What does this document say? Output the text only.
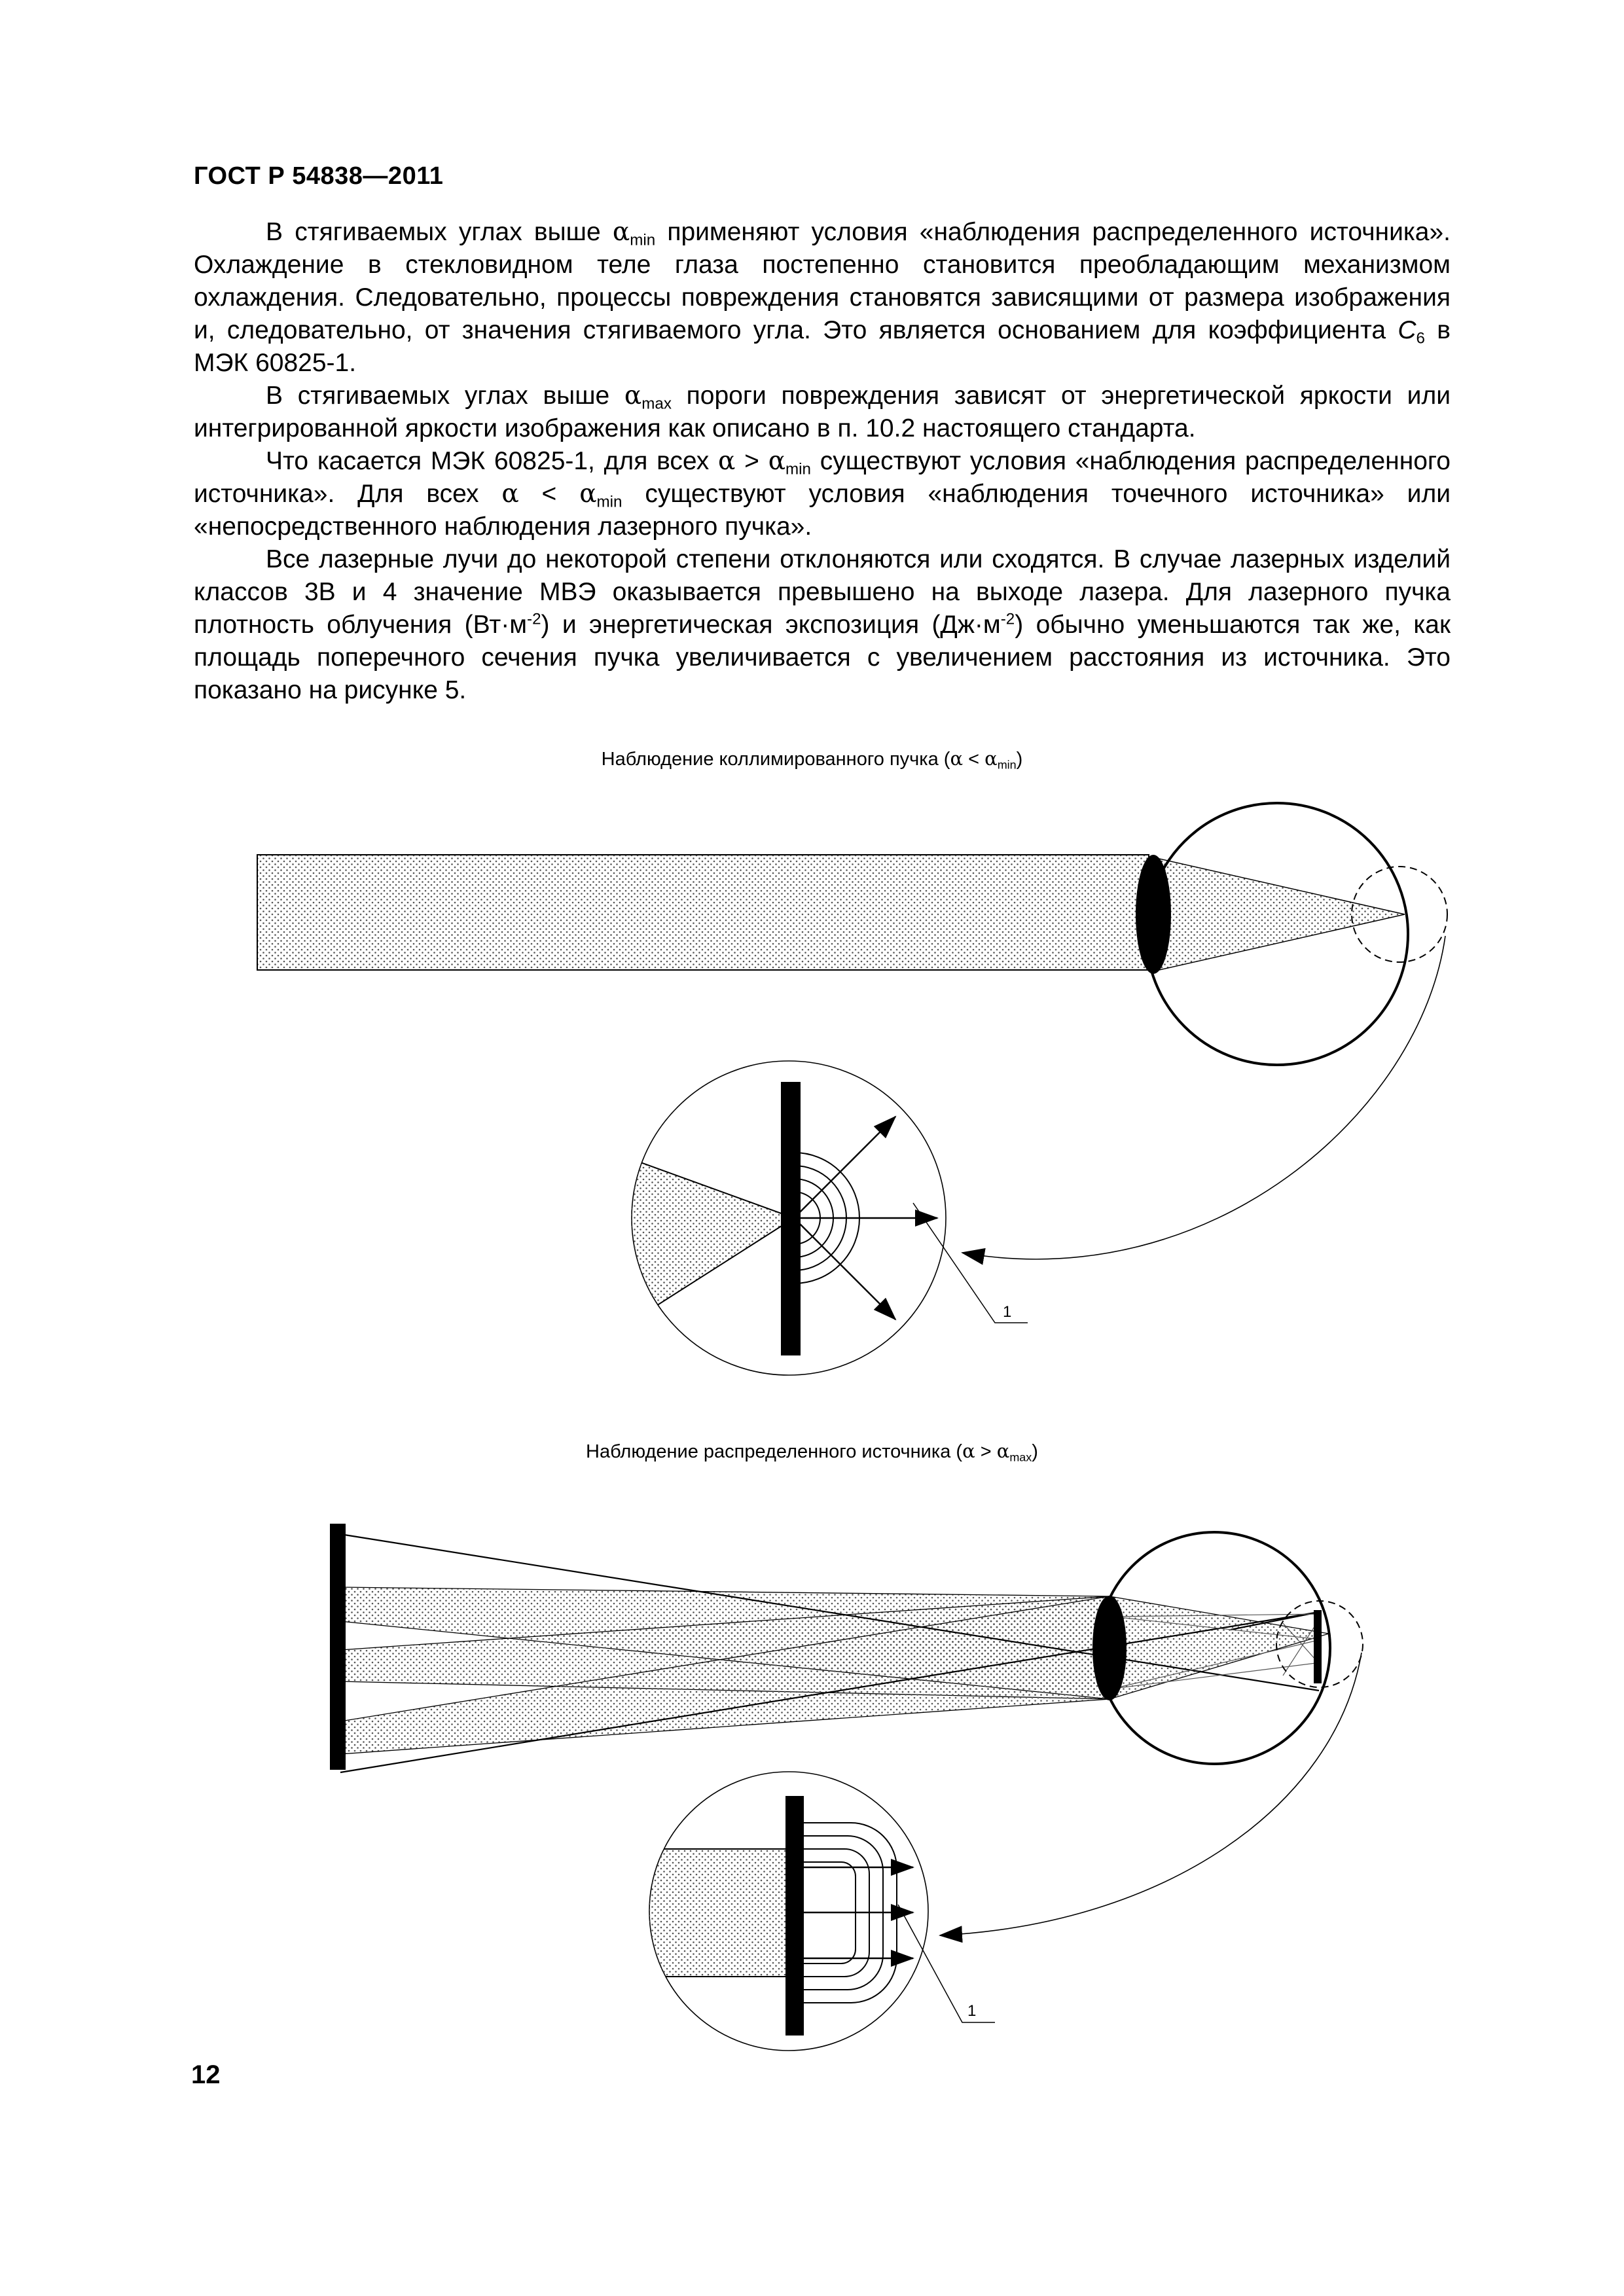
ГОСТ Р 54838—2011

В стягиваемых углах выше $\alpha_{min}$ применяют условия «наблюдения распределенного источника». Охлаждение в стекловидном теле глаза постепенно становится преобладающим механизмом охлаждения. Следовательно, процессы повреждения становятся зависящими от размера изображения и, следовательно, от значения стягиваемого угла. Это является основанием для коэффициента $C_6$ в МЭК 60825-1.

В стягиваемых углах выше $\alpha_{max}$ пороги повреждения зависят от энергетической яркости или интегрированной яркости изображения как описано в п. 10.2 настоящего стандарта.

Что касается МЭК 60825-1, для всех $\alpha > \alpha_{min}$ существуют условия «наблюдения распределенного источника». Для всех $\alpha < \alpha_{min}$ существуют условия «наблюдения точечного источника» или «непосредственного наблюдения лазерного пучка».

Все лазерные лучи до некоторой степени отклоняются или сходятся. В случае лазерных изделий классов 3В и 4 значение МВЭ оказывается превышено на выходе лазера. Для лазерного пучка плотность облучения $(Вт\cdot м^{-2})$ и энергетическая экспозиция $(Дж\cdot м^{-2})$ обычно уменьшаются так же, как площадь поперечного сечения пучка увеличивается с увеличением расстояния из источника. Это показано на рисунке 5.

Наблюдение коллимированного пучка $(\alpha < \alpha_{min})$
Наблюдение распределенного источника $(\alpha > \alpha_{max})$
1
1
12
